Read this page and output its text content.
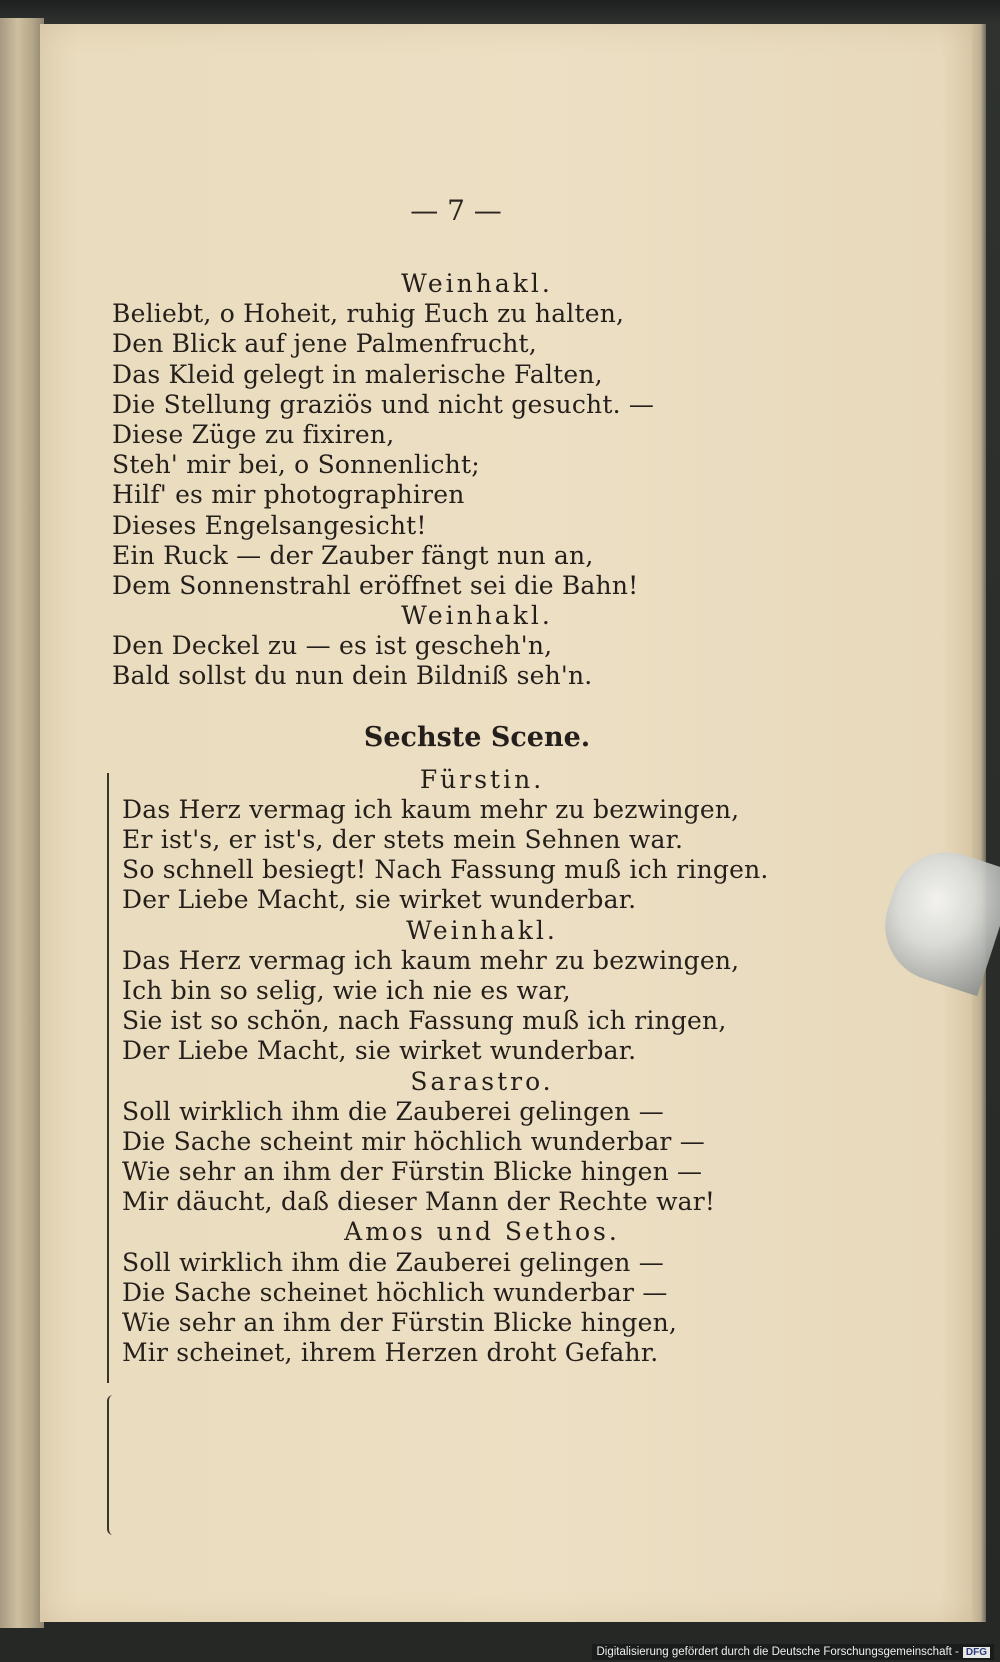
— 7 —
Weinhakl.
Beliebt, o Hoheit, ruhig Euch zu halten,
Den Blick auf jene Palmenfrucht,
Das Kleid gelegt in malerische Falten,
Die Stellung graziös und nicht gesucht. —
Diese Züge zu fixiren,
Steh' mir bei, o Sonnenlicht;
Hilf' es mir photographiren
Dieses Engelsangesicht!
Ein Ruck — der Zauber fängt nun an,
Dem Sonnenstrahl eröffnet sei die Bahn!
Weinhakl.
Den Deckel zu — es ist gescheh'n,
Bald sollst du nun dein Bildniß seh'n.
Sechste Scene.
Fürstin.
Das Herz vermag ich kaum mehr zu bezwingen,
Er ist's, er ist's, der stets mein Sehnen war.
So schnell besiegt! Nach Fassung muß ich ringen.
Der Liebe Macht, sie wirket wunderbar.
Weinhakl.
Das Herz vermag ich kaum mehr zu bezwingen,
Ich bin so selig, wie ich nie es war,
Sie ist so schön, nach Fassung muß ich ringen,
Der Liebe Macht, sie wirket wunderbar.
Sarastro.
Soll wirklich ihm die Zauberei gelingen —
Die Sache scheint mir höchlich wunderbar —
Wie sehr an ihm der Fürstin Blicke hingen —
Mir däucht, daß dieser Mann der Rechte war!
Amos und Sethos.
Soll wirklich ihm die Zauberei gelingen —
Die Sache scheinet höchlich wunderbar —
Wie sehr an ihm der Fürstin Blicke hingen,
Mir scheinet, ihrem Herzen droht Gefahr.
Digitalisierung gefördert durch die Deutsche Forschungsgemeinschaft - DFG
